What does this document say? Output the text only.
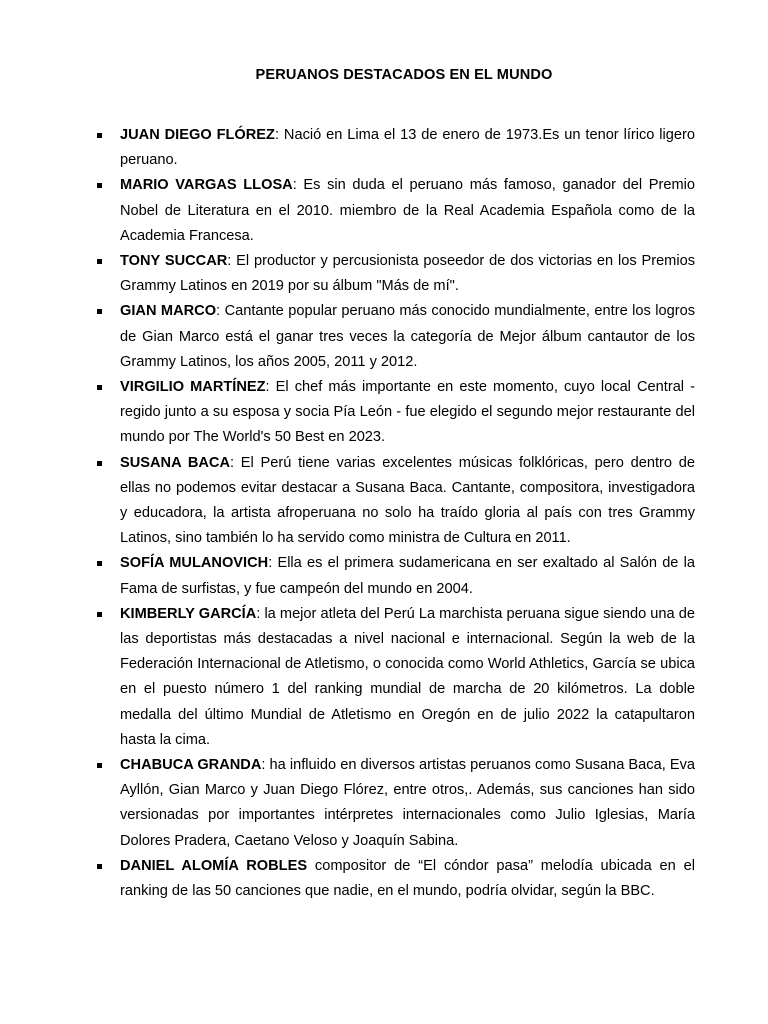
PERUANOS DESTACADOS EN EL MUNDO
JUAN DIEGO FLÓREZ: Nació en Lima el 13 de enero de 1973.Es un tenor lírico ligero peruano.
MARIO VARGAS LLOSA: Es sin duda el peruano más famoso, ganador del Premio Nobel de Literatura en el 2010. miembro de la Real Academia Española como de la Academia Francesa.
TONY SUCCAR: El productor y percusionista poseedor de dos victorias en los Premios Grammy Latinos en 2019 por su álbum "Más de mí".
GIAN MARCO: Cantante popular peruano más conocido mundialmente, entre los logros de Gian Marco está el ganar tres veces la categoría de Mejor álbum cantautor de los Grammy Latinos, los años 2005, 2011 y 2012.
VIRGILIO MARTÍNEZ: El chef más importante en este momento, cuyo local Central - regido junto a su esposa y socia Pía León - fue elegido el segundo mejor restaurante del mundo por The World's 50 Best en 2023.
SUSANA BACA: El Perú tiene varias excelentes músicas folklóricas, pero dentro de ellas no podemos evitar destacar a Susana Baca. Cantante, compositora, investigadora y educadora, la artista afroperuana no solo ha traído gloria al país con tres Grammy Latinos, sino también lo ha servido como ministra de Cultura en 2011.
SOFÍA MULANOVICH: Ella es el primera sudamericana en ser exaltado al Salón de la Fama de surfistas, y fue campeón del mundo en 2004.
KIMBERLY GARCÍA: la mejor atleta del Perú La marchista peruana sigue siendo una de las deportistas más destacadas a nivel nacional e internacional. Según la web de la Federación Internacional de Atletismo, o conocida como World Athletics, García se ubica en el puesto número 1 del ranking mundial de marcha de 20 kilómetros. La doble medalla del último Mundial de Atletismo en Oregón en de julio 2022 la catapultaron hasta la cima.
CHABUCA GRANDA: ha influido en diversos artistas peruanos como Susana Baca, Eva Ayllón, Gian Marco y Juan Diego Flórez, entre otros,. Además, sus canciones han sido versionadas por importantes intérpretes internacionales como Julio Iglesias, María Dolores Pradera, Caetano Veloso y Joaquín Sabina.
DANIEL ALOMÍA ROBLES compositor de “El cóndor pasa” melodía ubicada en el ranking de las 50 canciones que nadie, en el mundo, podría olvidar, según la BBC.
